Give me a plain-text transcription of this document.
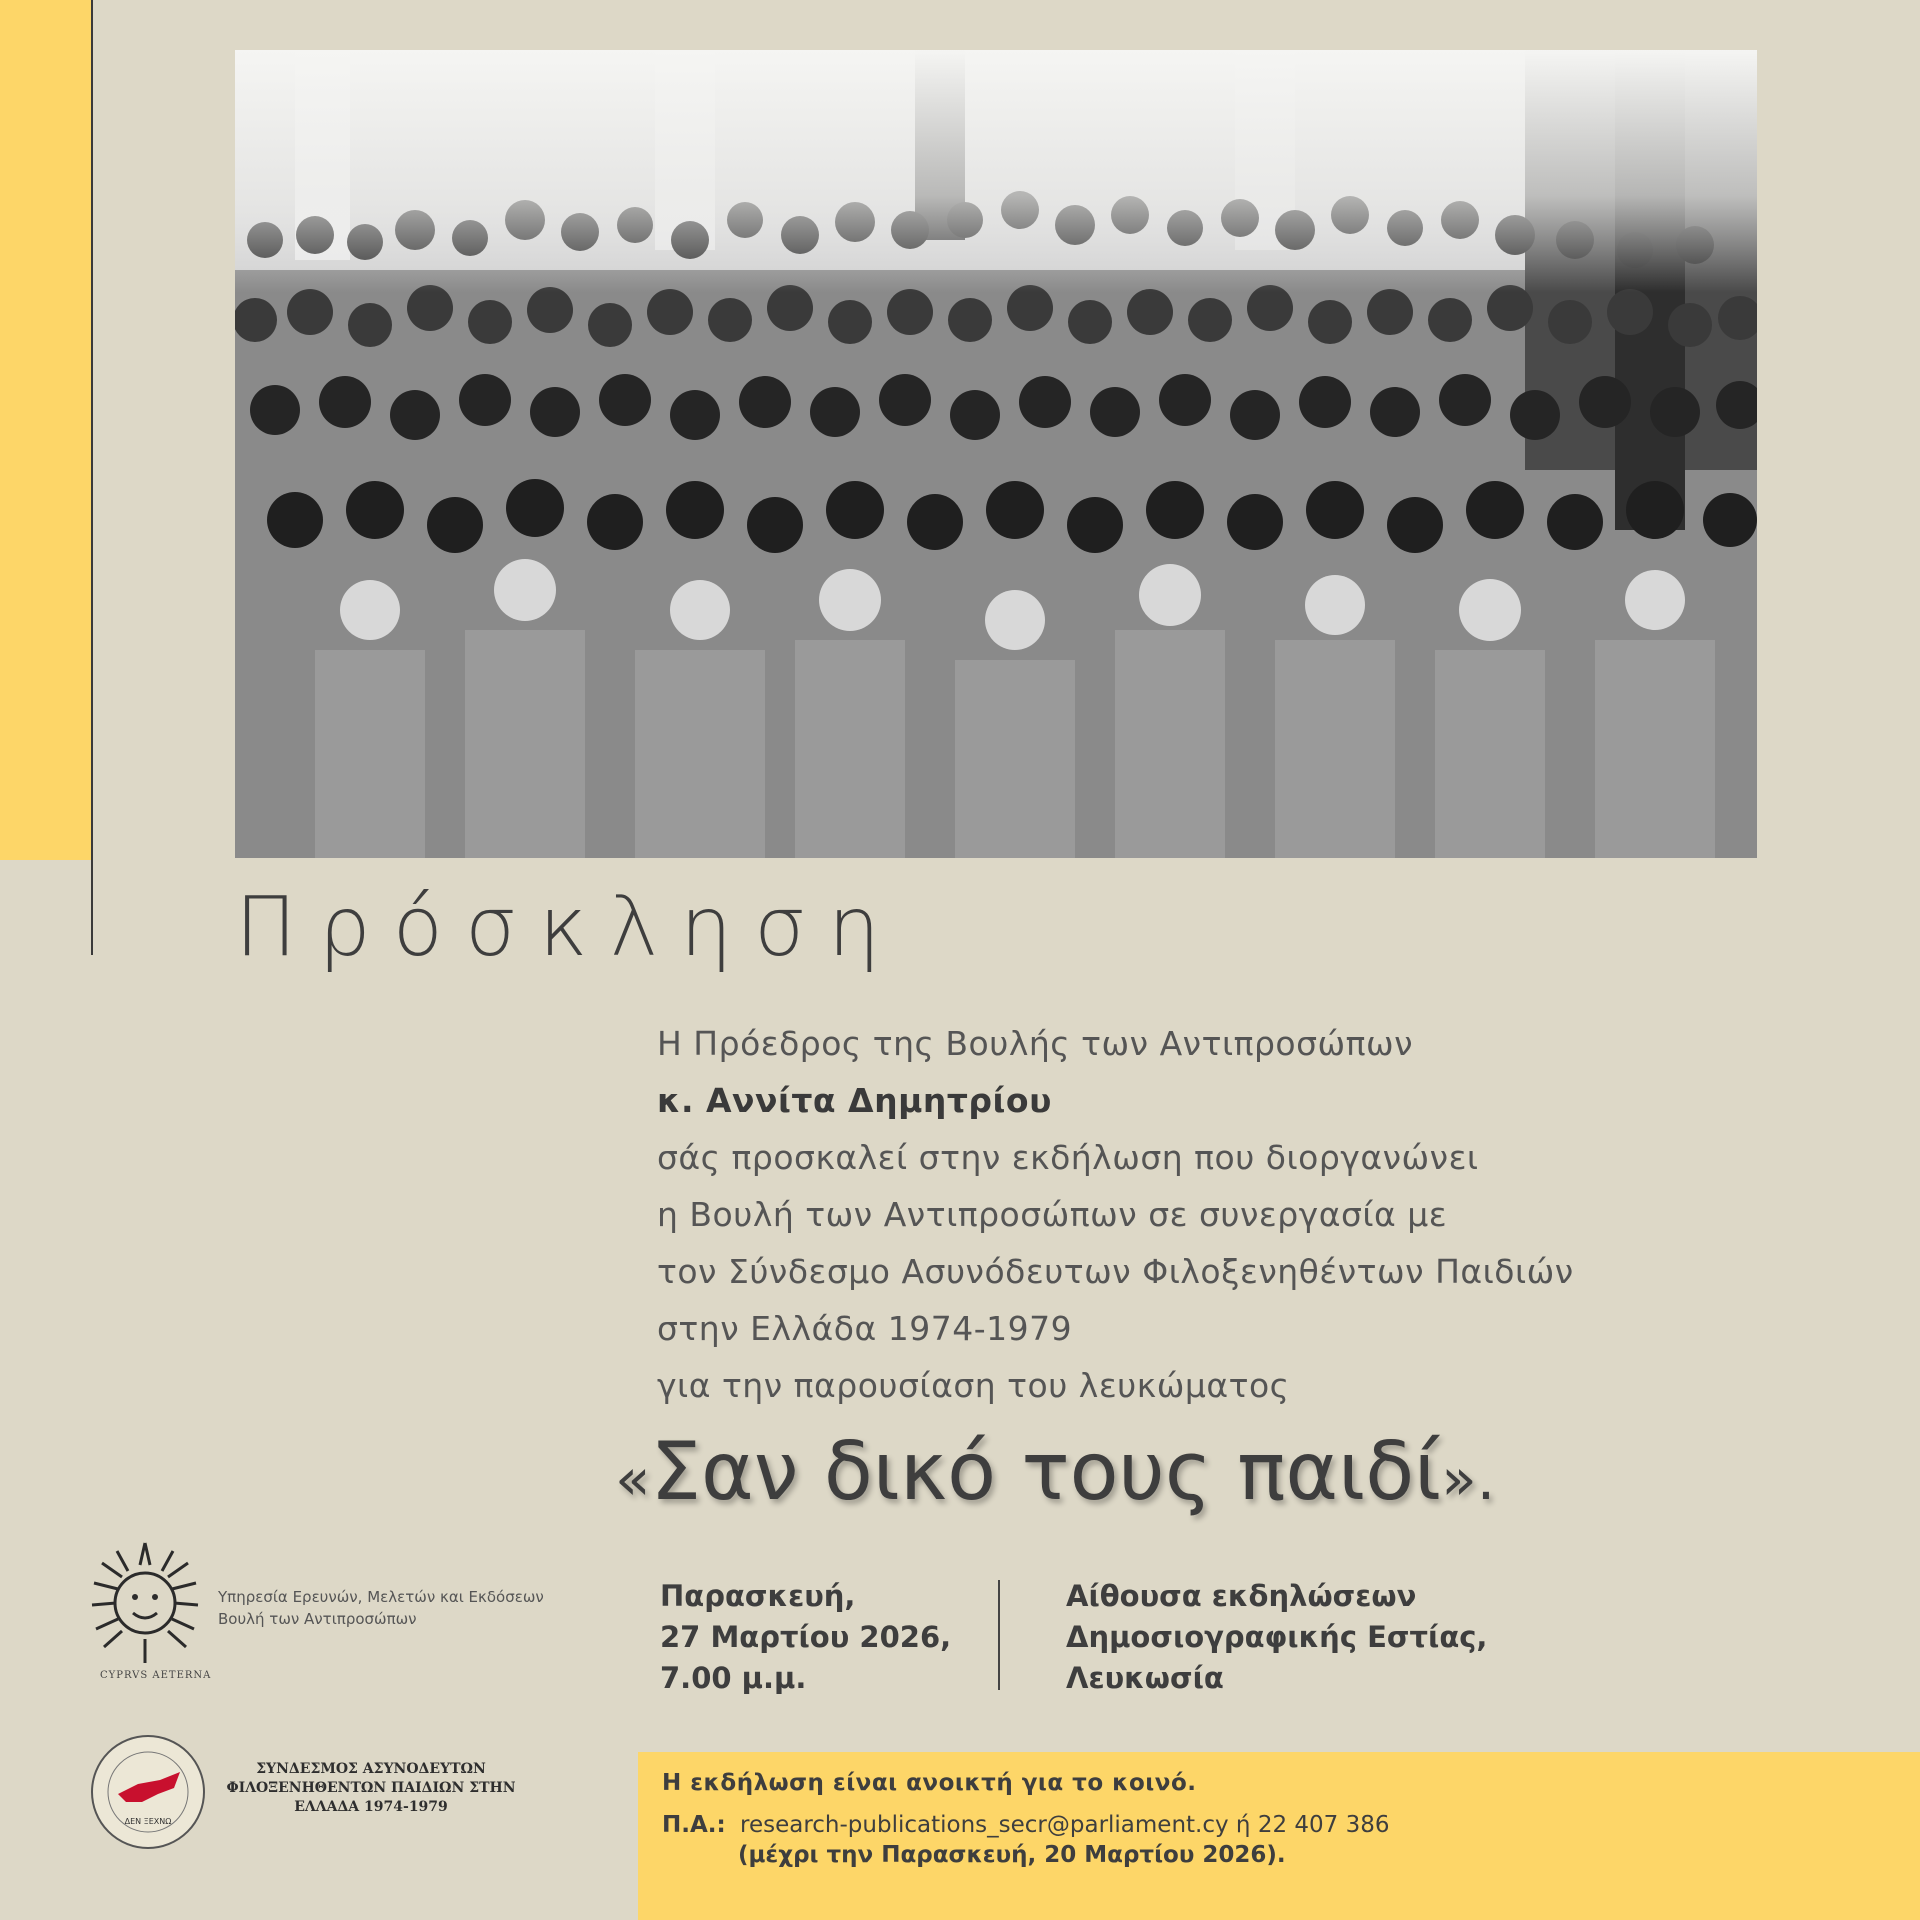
Πρόσκληση
Η Πρόεδρος της Βουλής των Αντιπροσώπων
κ. Αννίτα Δημητρίου
σάς προσκαλεί στην εκδήλωση που διοργανώνει
η Βουλή των Αντιπροσώπων σε συνεργασία με
τον Σύνδεσμο Ασυνόδευτων Φιλοξενηθέντων Παιδιών
στην Ελλάδα 1974-1979
για την παρουσίαση του λευκώματος
«Σαν δικό τους παιδί».
Παρασκευή,
27 Μαρτίου 2026,
7.00 μ.μ.
Αίθουσα εκδηλώσεων
Δημοσιογραφικής Εστίας,
Λευκωσία
CYPRVS AETERNA
Υπηρεσία Ερευνών, Μελετών και Εκδόσεων
Βουλή των Αντιπροσώπων
ΔΕΝ ΞΕΧΝΩ
ΣΥΝΔΕΣΜΟΣ ΑΣΥΝΟΔΕΥΤΩΝ
ΦΙΛΟΞΕΝΗΘΕΝΤΩΝ ΠΑΙΔΙΩΝ ΣΤΗΝ
ΕΛΛΑΔΑ 1974-1979
Η εκδήλωση είναι ανοικτή για το κοινό.
Π.Α.: research-publications_secr@parliament.cy ή 22 407 386
(μέχρι την Παρασκευή, 20 Μαρτίου 2026).
